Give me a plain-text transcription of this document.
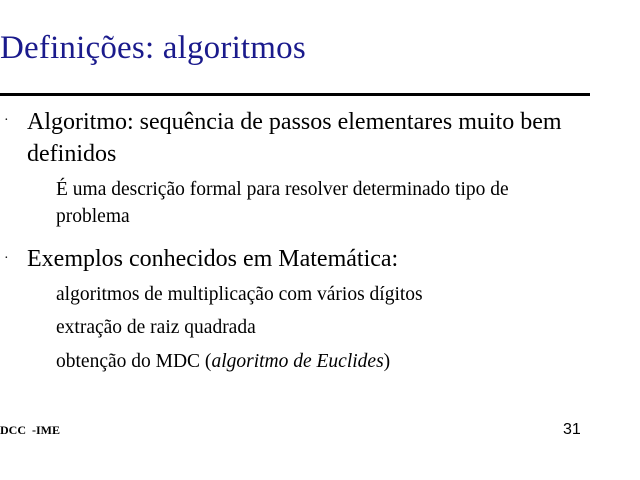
Definições: algoritmos
· Algoritmo: sequência de passos elementares muito bem definidos
É uma descrição formal para resolver determinado tipo de problema
· Exemplos conhecidos em Matemática:
algoritmos de multiplicação com vários dígitos
extração de raiz quadrada
obtenção do MDC (algoritmo de Euclides)
DCC  -IME	31
